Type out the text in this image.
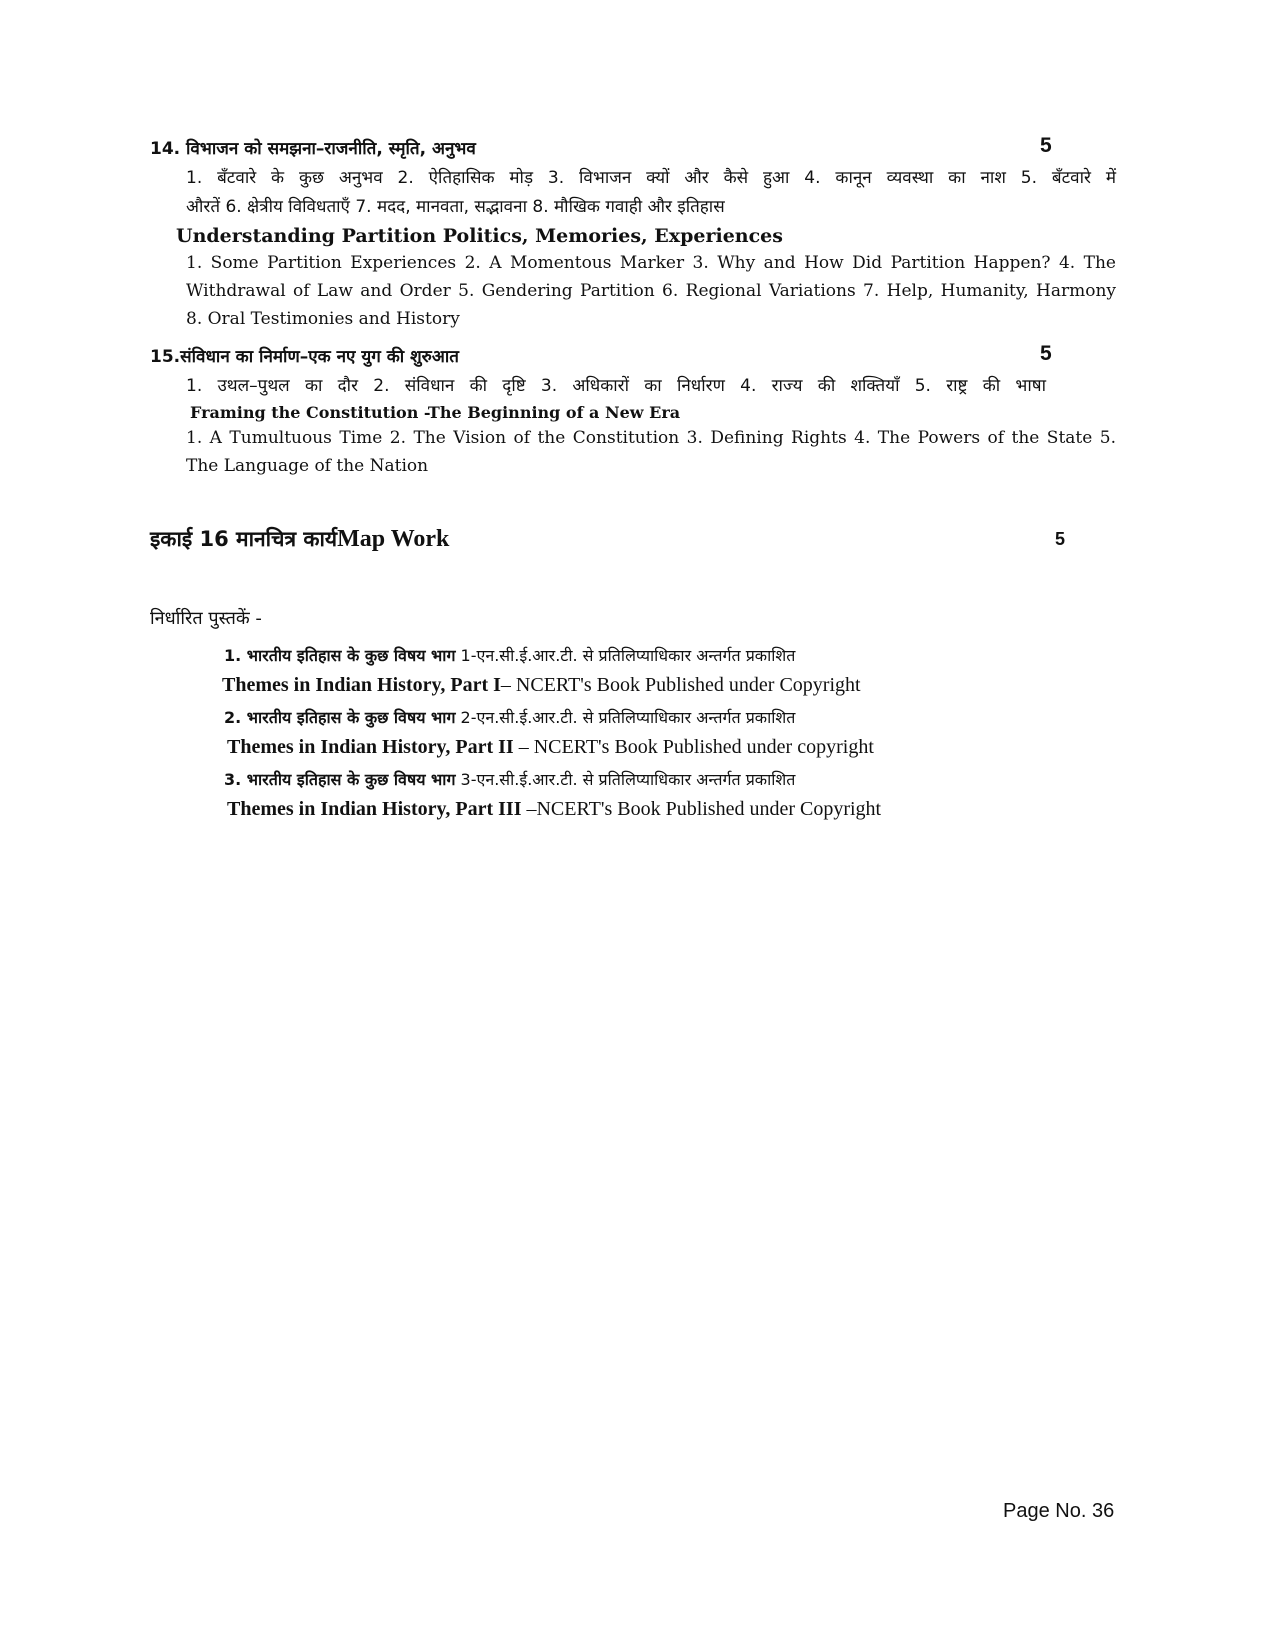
14. विभाजन को समझना–राजनीति, स्मृति, अनुभव	5
1. बँटवारे के कुछ अनुभव 2. ऐतिहासिक मोड़ 3. विभाजन क्यों और कैसे हुआ 4. कानून व्यवस्था का नाश 5. बँटवारे में
औरतें 6. क्षेत्रीय विविधताएँ 7. मदद, मानवता, सद्भावना 8. मौखिक गवाही और इतिहास
Understanding Partition Politics, Memories, Experiences
1. Some Partition Experiences 2. A Momentous Marker 3. Why and How Did Partition Happen? 4. The
Withdrawal of Law and Order 5. Gendering Partition 6. Regional Variations 7. Help, Humanity, Harmony
8. Oral Testimonies and History
15.संविधान का निर्माण–एक नए युग की शुरुआत	5
1. उथल–पुथल का दौर 2. संविधान की दृष्टि 3. अधिकारों का निर्धारण 4. राज्य की शक्तियाँ 5. राष्ट्र की भाषा
Framing the Constitution -The Beginning of a New Era
1. A Tumultuous Time 2. The Vision of the Constitution 3. Defining Rights 4. The Powers of the State 5.
The Language of the Nation
इकाई 16 मानचित्र कार्यMap Work	5
निर्धारित पुस्तकें -
1. भारतीय इतिहास के कुछ विषय भाग 1-एन.सी.ई.आर.टी. से प्रतिलिप्याधिकार अन्तर्गत प्रकाशित
Themes in Indian History, Part I– NCERT's Book Published under Copyright
2. भारतीय इतिहास के कुछ विषय भाग 2-एन.सी.ई.आर.टी. से प्रतिलिप्याधिकार अन्तर्गत प्रकाशित
Themes in Indian History, Part II – NCERT's Book Published under copyright
3. भारतीय इतिहास के कुछ विषय भाग 3-एन.सी.ई.आर.टी. से प्रतिलिप्याधिकार अन्तर्गत प्रकाशित
Themes in Indian History, Part III –NCERT's Book Published under Copyright
Page No. 36
